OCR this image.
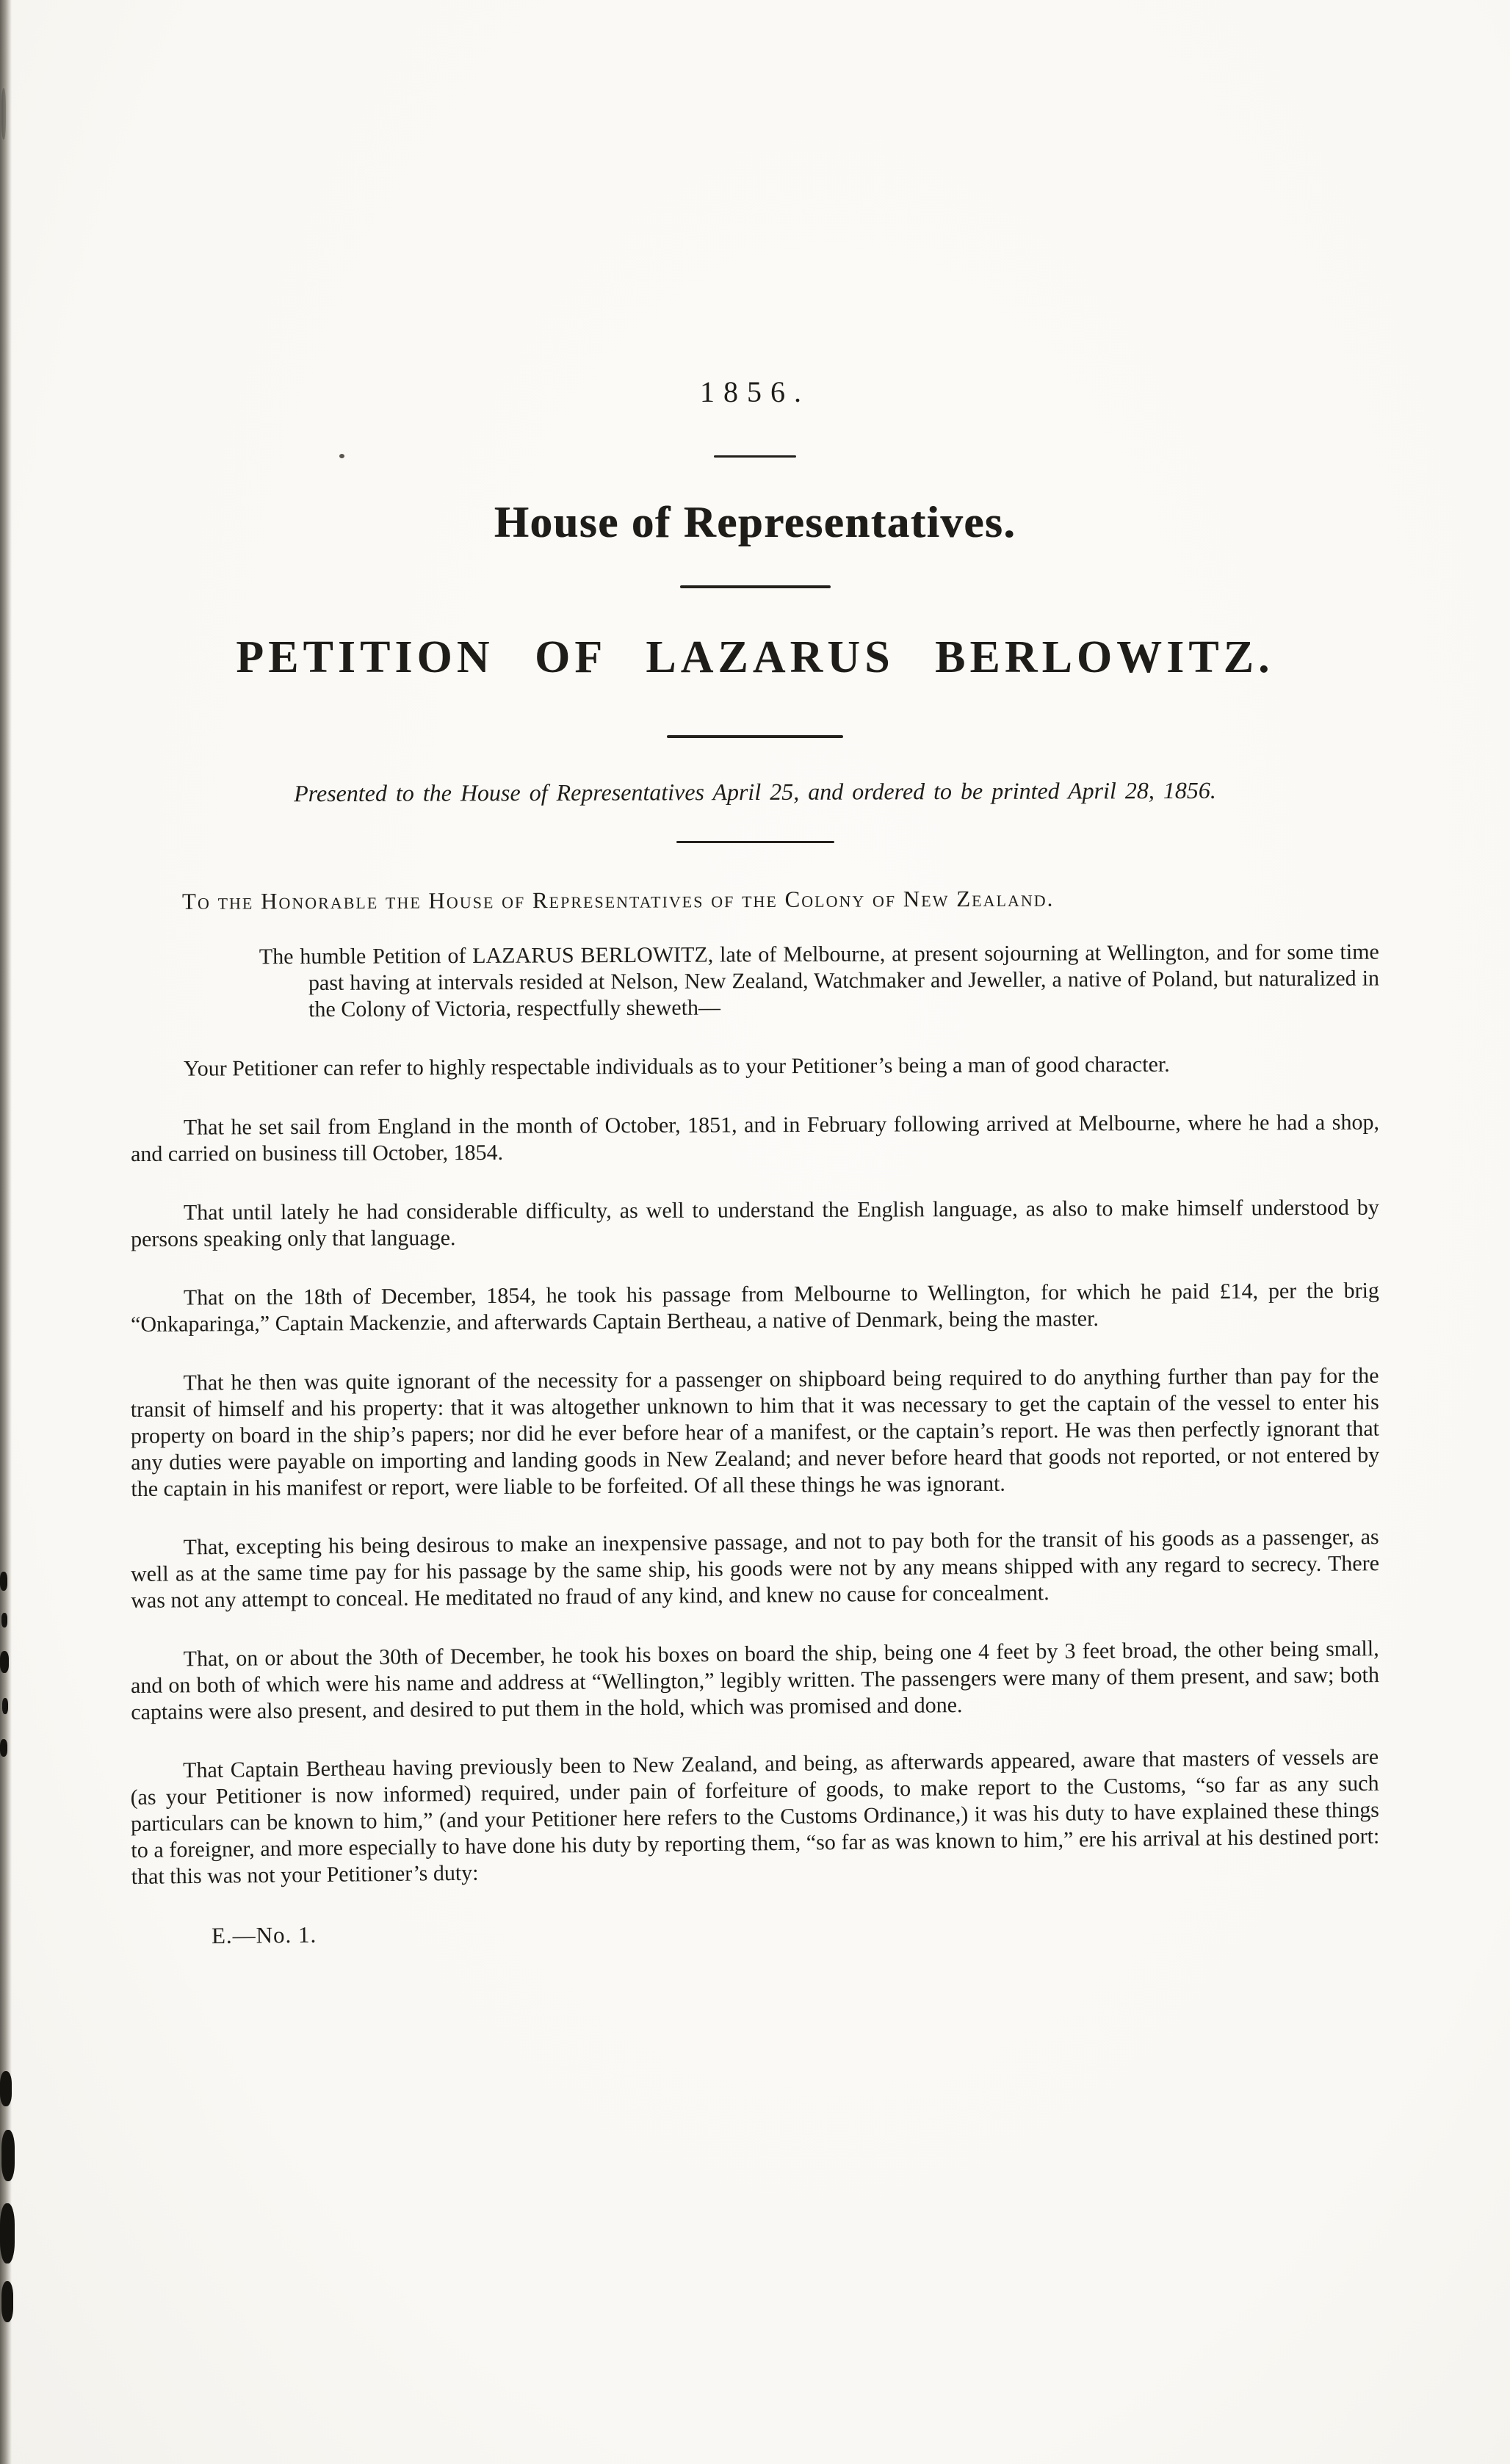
1856.
House of Representatives.
PETITION OF LAZARUS BERLOWITZ.

Presented to the House of Representatives April 25, and ordered to be printed April 28, 1856.

To the Honorable the House of Representatives of the Colony of New Zealand.

The humble Petition of LAZARUS BERLOWITZ, late of Melbourne, at present sojourning at Wellington, and for some time past having at intervals resided at Nelson, New Zealand, Watchmaker and Jeweller, a native of Poland, but naturalized in the Colony of Victoria, respectfully sheweth—

Your Petitioner can refer to highly respectable individuals as to your Petitioner’s being a man of good character.

That he set sail from England in the month of October, 1851, and in February following arrived at Melbourne, where he had a shop, and carried on business till October, 1854.

That until lately he had considerable difficulty, as well to understand the English language, as also to make himself understood by persons speaking only that language.

That on the 18th of December, 1854, he took his passage from Melbourne to Wellington, for which he paid £14, per the brig “Onkaparinga,” Captain Mackenzie, and afterwards Captain Bertheau, a native of Denmark, being the master.

That he then was quite ignorant of the necessity for a passenger on shipboard being required to do anything further than pay for the transit of himself and his property: that it was altogether unknown to him that it was necessary to get the captain of the vessel to enter his property on board in the ship’s papers; nor did he ever before hear of a manifest, or the captain’s report. He was then perfectly ignorant that any duties were payable on importing and landing goods in New Zealand; and never before heard that goods not reported, or not entered by the captain in his manifest or report, were liable to be forfeited. Of all these things he was ignorant.

That, excepting his being desirous to make an inexpensive passage, and not to pay both for the transit of his goods as a passenger, as well as at the same time pay for his passage by the same ship, his goods were not by any means shipped with any regard to secrecy. There was not any attempt to conceal. He meditated no fraud of any kind, and knew no cause for concealment.

That, on or about the 30th of December, he took his boxes on board the ship, being one 4 feet by 3 feet broad, the other being small, and on both of which were his name and address at “Wellington,” legibly written. The passengers were many of them present, and saw; both captains were also present, and desired to put them in the hold, which was promised and done.

That Captain Bertheau having previously been to New Zealand, and being, as afterwards appeared, aware that masters of vessels are (as your Petitioner is now informed) required, under pain of forfeiture of goods, to make report to the Customs, “so far as any such particulars can be known to him,” (and your Petitioner here refers to the Customs Ordinance,) it was his duty to have explained these things to a foreigner, and more especially to have done his duty by reporting them, “so far as was known to him,” ere his arrival at his destined port: that this was not your Petitioner’s duty:

E.—No. 1.
